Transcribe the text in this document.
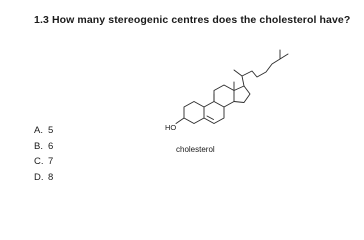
1.3 How many stereogenic centres does the cholesterol have?
A. 5
B. 6
C. 7
D. 8
HO
cholesterol
